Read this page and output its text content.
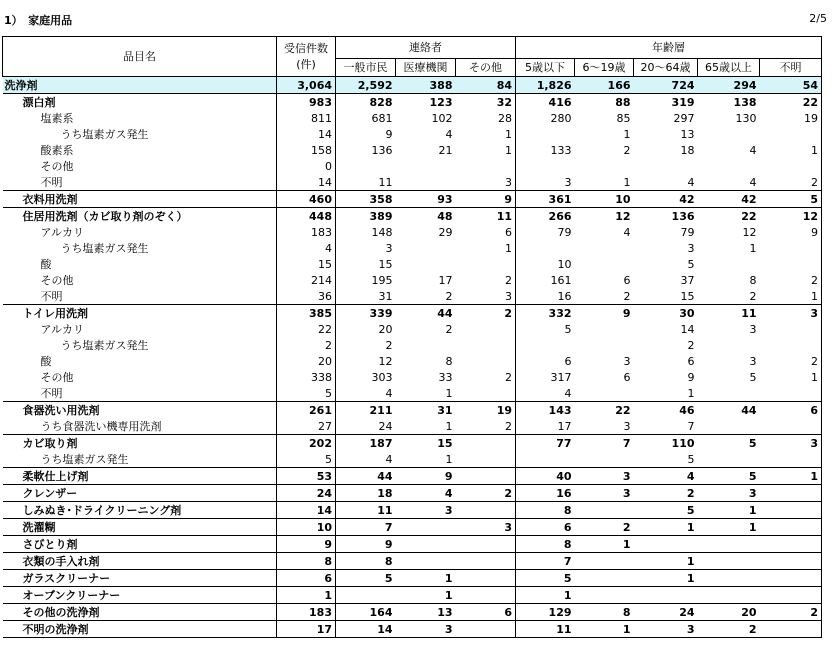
1）　家庭用品	2/5
品目名	受信件数
(件)	連絡者			年齢層				
		一般市民	医療機関	その他	5歳以下	6～19歳	20～64歳	65歳以上	不明
洗浄剤	3,064	2,592	388	84	1,826	166	724	294	54
漂白剤	983	828	123	32	416	88	319	138	22
塩素系	811	681	102	28	280	85	297	130	19
うち塩素ガス発生	14	9	4	1		1	13		
酸素系	158	136	21	1	133	2	18	4	1
その他	0								
不明	14	11		3	3	1	4	4	2
衣料用洗剤	460	358	93	9	361	10	42	42	5
住居用洗剤（カビ取り剤のぞく）	448	389	48	11	266	12	136	22	12
アルカリ	183	148	29	6	79	4	79	12	9
うち塩素ガス発生	4	3		1			3	1	
酸	15	15			10		5		
その他	214	195	17	2	161	6	37	8	2
不明	36	31	2	3	16	2	15	2	1
トイレ用洗剤	385	339	44	2	332	9	30	11	3
アルカリ	22	20	2		5		14	3	
うち塩素ガス発生	2	2					2		
酸	20	12	8		6	3	6	3	2
その他	338	303	33	2	317	6	9	5	1
不明	5	4	1		4		1		
食器洗い用洗剤	261	211	31	19	143	22	46	44	6
うち食器洗い機専用洗剤	27	24	1	2	17	3	7		
カビ取り剤	202	187	15		77	7	110	5	3
うち塩素ガス発生	5	4	1				5		
柔軟仕上げ剤	53	44	9		40	3	4	5	1
クレンザー	24	18	4	2	16	3	2	3	
しみぬき･ドライクリーニング剤	14	11	3		8		5	1	
洗濯糊	10	7		3	6	2	1	1	
さびとり剤	9	9			8	1			
衣類の手入れ剤	8	8			7		1		
ガラスクリーナー	6	5	1		5		1		
オーブンクリーナー	1		1		1				
その他の洗浄剤	183	164	13	6	129	8	24	20	2
不明の洗浄剤	17	14	3		11	1	3	2	
